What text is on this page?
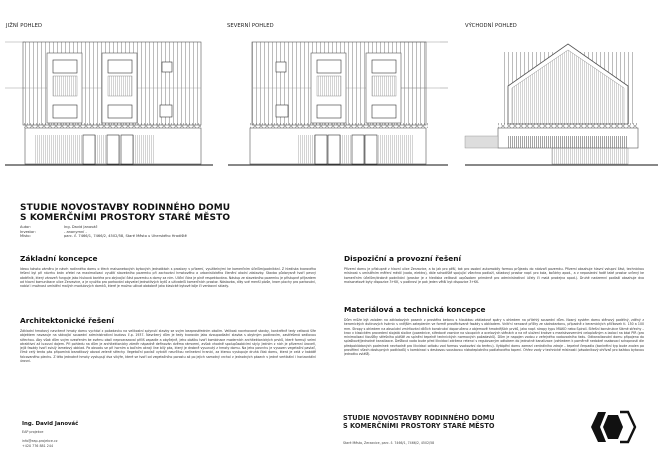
JIŽNÍ POHLED	SEVERNÍ POHLED	VÝCHODNÍ POHLED
STUDIE NOVOSTAVBY RODINNÉHO DOMU
S KOMERČNÍMI PROSTORY STARÉ MĚSTO
Autor:	Ing. David Janováč
Investor:	- anonymní -
Místo:	parc. č. 7466/1, 7466/2, 4502/58, Staré Město u Uherského Hradiště
Základní koncepce
Ideou tohoto záměru je návrh rodinného domu o třech maisonetových bytových jednotkách s prostory v přízemí, využitelnými ke komerčním účelům/podnikání. Z hlediska tvarového řešení byl při návrhu brán zřetel na maximalizaci využití stavebního pozemku při zachování hmotového a urbanistického členění okolní zástavby. Stavba půdorysně tvoří pevný obdélník, který zároveň funguje jako hluková bariéra pro zbývající část pozemku a domy za ním. Uliční čára je plně respektována. Nástup ze stavebního pozemku je přístupné příjezdem od hlavní komunikace ulice Zerzavice, a je využito pro parkování obyvatel jednotlivých bytů a uživatelů komerčních prostor. Nástavba, díky své menší ploše, krom plochy pro parkování, nabízí i možnost umístění malých modulových domků, které je možno užívat obdobně jako klasické bytové kóje či venkovní sklady.
Architektonické řešení
Základní hmotový navržené hmoty domu vychází z požadavku na velikostní splynutí stavby se svým bezprostředním okolím. Velikost navrhované stavby, konkrétně tedy celková šíře objektem navazuje na stávající sousední administrativní budovu č.p. 1937. Navržený dům je tedy tvarován jako dvoupodlažní stavba s obytným podkrovím, zastřešená sedlovou střechou. Aby však dům svým vzezřením ke svému okolí neprozrazoval příliš zapadle a obyčejně, jeho obálku tvoří kombinace moderních architektonických prvků, které formují velmi atraktivní až luxusní dojem. Při pohledu na dům je architektonicky záměr nápadně definován dvěma rámcemi, avšak vhodně spolupůsobícími styly. Jedním z nich je přízemní úroveň, jejíž fasády tvoří svislý lamelový obklad. Pa obvodu se při horním a bočním okraji line bílý pás, který je drobně vysunutý z hmoty domu. Na jeho povrchu je vysazen vegetační pavlač, čímž celý tento pás připomíná bezatikový obvod zelené střechy. Vegetační pavlač vytváří neurčitou nelineární hranici, za kterou vystupuje druhá část domu, která je celá v kabátě falcovaného plechu. Z této jednotné hmoty vystupují dva vikýře, které se tvoří od vegetačního porostu až po jejich samotný vrchol v jednotných pásech v jedné vertikální i horizontální úrovni.
Dispoziční a provozní řešení
Přízemí domu je přístupné z hlavní ulice Zerzavice, a to jak pro pěší, tak pro osobní automobily formou průjezdu do nádvoří pozemku. Přízemí obsahuje hlavní vstupní část, technickou místnost s umístěním měření médií (voda, elektro), dále schodiště spojující všechna podlaží, skladový prostor např. pro kola, kočárky apod., a v neposlední řadě také prostor určený ke komerčním účelům/drobné podnikání (prostor je z hlediska velikosti uzpůsoben primárně pro administrativní účely či malá prodejna apod.). Druhé nadzemní podlaží obsahuje dva maisonetové byty dispozice 3+KK, v podkroví je pak jeden větší byt dispozice 3+KK.
Materiálová a technická koncepce
Dům může být založen na základových pasech z prostého betonu s hloubkou základové spáry s ohledem na přilehlý sousední dům. Nosný systém domu stěnový podélný, zděný z keramických dutinových tvárnic s vnějším zateplením ve formě provětrávané fasády s obkladem. Vnitřní nenosné příčky ze sádrokartonu, případně z keramických příčkovek tl. 150 a 100 mm. Stropy s ohledem na absolutní zmírňování dílčích konstrukcí doporučeno z objemově hmotnějších prvků, jako např. stropy typu MIAKO nebo Spiroll. Střešní konstrukce šikmé střechy – krov v klasickém provedení stojatá stolice (pozednice, středové vaznice na sloupcích a ocelových stěnách a na ně uložení krokve s meziskvoverními celoplošným a izolací na bázi PIR (pro minimalizaci tloušťky střešního pláště za splnění tepelně technických normových požadavků). Dům je napojen vodou z veřejného vodovodního řadu. Odkanalizování domu připojeno do splaškové/jednotné kanalizace. Dešťová voda bude před likvidací zdržena retencí s regulovaným odtokem do jednotné kanalizace (vzhledem k poměrně nedobré vsakovací schopnosti dle předpokládaných podmínek nevhodně pro likvidaci odtoku vod formou vsakování do terénu). Vytápění domu zamezí centrálního zdroje – tepelné čerpadlo (konkrétní typ bude zvolen po prověření všech dostupných podkladů) v kombinaci s deskovou soustavou nízkoteplotního podlahového topení. Ohřev vody v technické místnosti (zásobníkový ohřívač pro každou bytovou jednotku zvlášť).
Ing. David Janováč
EAP projekce
info@eap-projekce.cz
+420 776 881 244
STUDIE NOVOSTAVBY RODINNÉHO DOMU
S KOMERČNÍMI PROSTORY STARÉ MĚSTO
Staré Město, Zerzavice, parc. č. 7466/1, 7466/2, 4502/58
